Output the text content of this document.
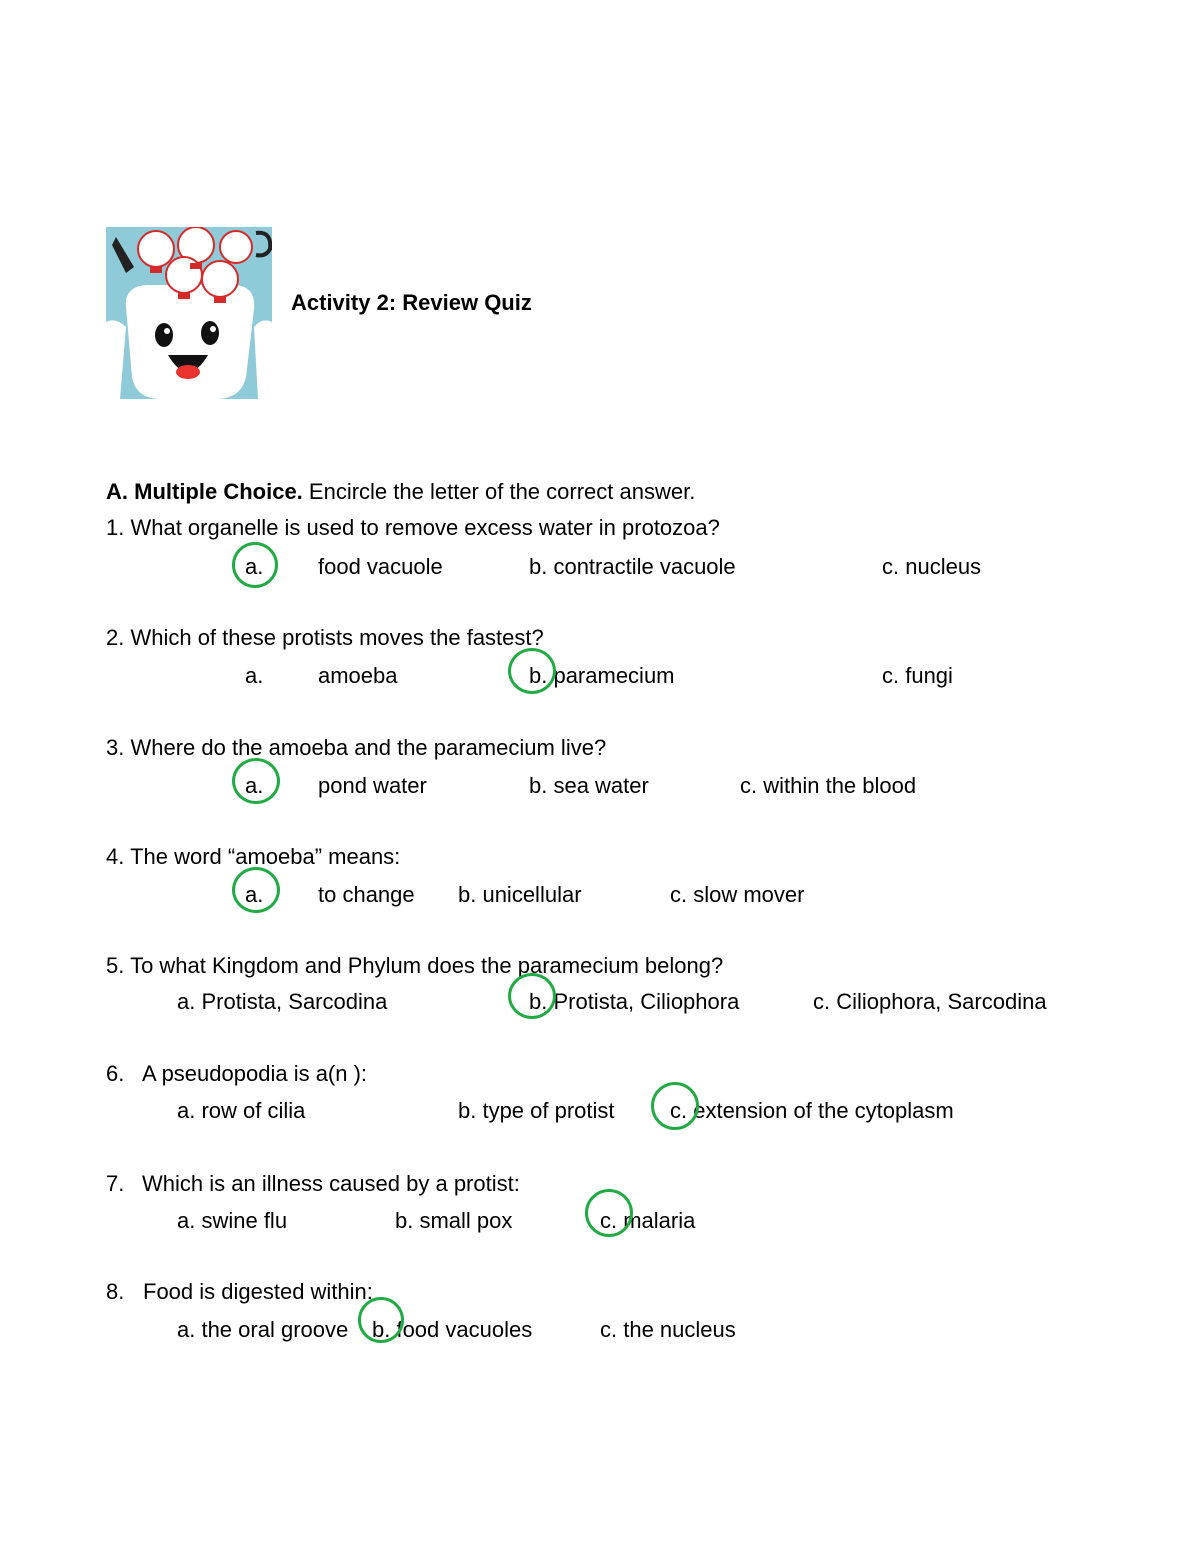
Activity 2: Review Quiz
A. Multiple Choice. Encircle the letter of the correct answer.
1. What organelle is used to remove excess water in protozoa?
a. food vacuole	b. contractile vacuole	c. nucleus
2. Which of these protists moves the fastest?
a. amoeba	b. paramecium	c. fungi
3. Where do the amoeba and the paramecium live?
a. pond water	b. sea water	c. within the blood
4. The word “amoeba” means:
a. to change b. unicellular	c. slow mover
5. To what Kingdom and Phylum does the paramecium belong?
a. Protista, Sarcodina	b. Protista, Ciliophora	c. Ciliophora, Sarcodina
6. A pseudopodia is a(n ):
a. row of cilia	b. type of protist	c. extension of the cytoplasm
7. Which is an illness caused by a protist:
a. swine flu	b. small pox	c. malaria
8. Food is digested within:
a. the oral groove b. food vacuoles	c. the nucleus
